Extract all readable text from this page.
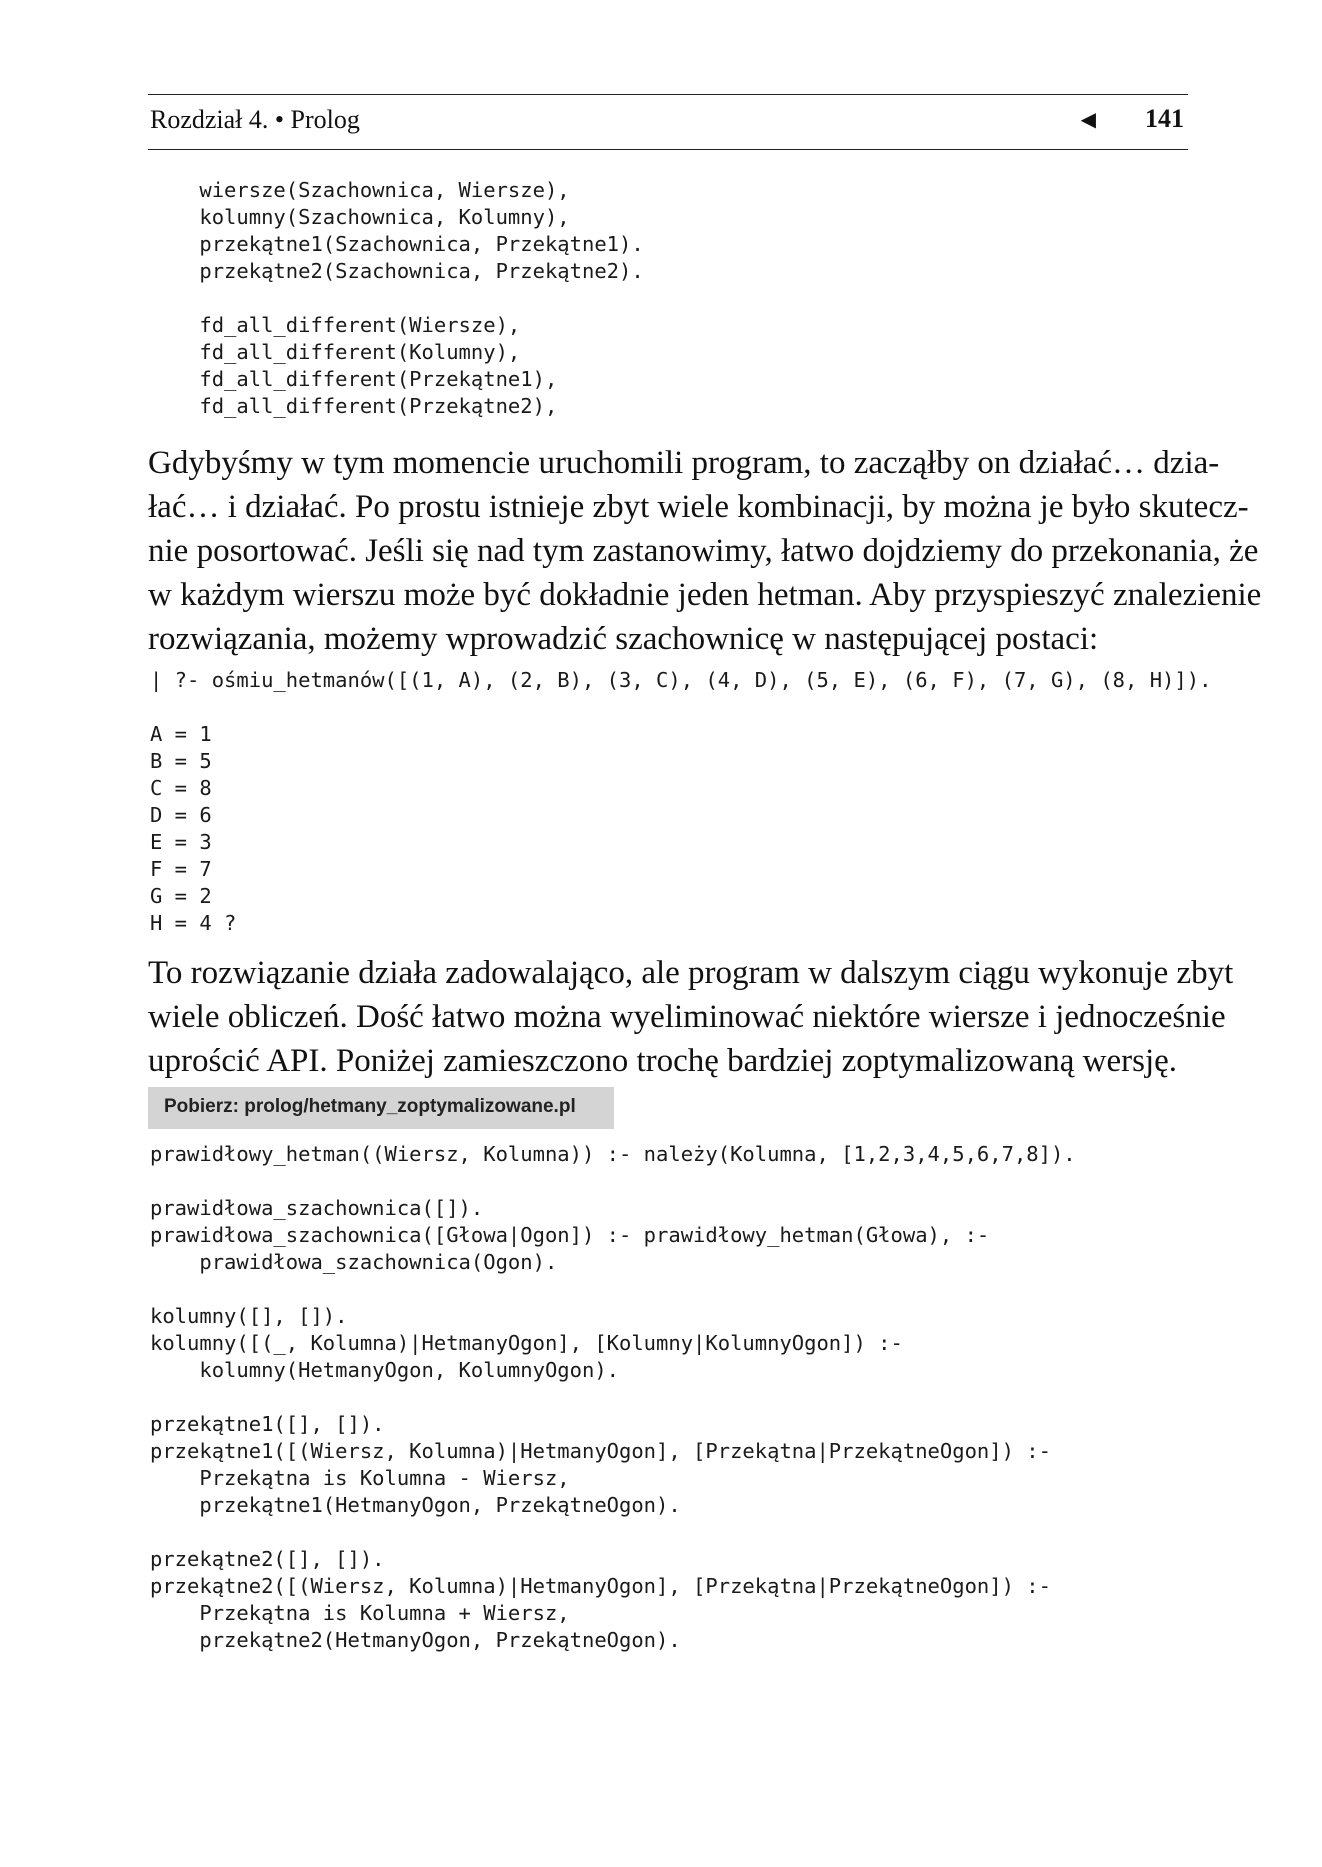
Rozdział 4. • Prolog	◀ 141
wiersze(Szachownica, Wiersze),
kolumny(Szachownica, Kolumny),
przekątne1(Szachownica, Przekątne1).
przekątne2(Szachownica, Przekątne2).

fd_all_different(Wiersze),
fd_all_different(Kolumny),
fd_all_different(Przekątne1),
fd_all_different(Przekątne2),
Gdybyśmy w tym momencie uruchomili program, to zacząłby on działać… dzia-
łać… i działać. Po prostu istnieje zbyt wiele kombinacji, by można je było skutecz-
nie posortować. Jeśli się nad tym zastanowimy, łatwo dojdziemy do przekonania, że
w każdym wierszu może być dokładnie jeden hetman. Aby przyspieszyć znalezienie
rozwiązania, możemy wprowadzić szachownicę w następującej postaci:
| ?- ośmiu_hetmanów([(1, A), (2, B), (3, C), (4, D), (5, E), (6, F), (7, G), (8, H)]).

A = 1
B = 5
C = 8
D = 6
E = 3
F = 7
G = 2
H = 4 ?
To rozwiązanie działa zadowalająco, ale program w dalszym ciągu wykonuje zbyt
wiele obliczeń. Dość łatwo można wyeliminować niektóre wiersze i jednocześnie
uprościć API. Poniżej zamieszczono trochę bardziej zoptymalizowaną wersję.
Pobierz: prolog/hetmany_zoptymalizowane.pl
prawidłowy_hetman((Wiersz, Kolumna)) :- należy(Kolumna, [1,2,3,4,5,6,7,8]).

prawidłowa_szachownica([]).
prawidłowa_szachownica([Głowa|Ogon]) :- prawidłowy_hetman(Głowa), :-
prawidłowa_szachownica(Ogon).

kolumny([], []).
kolumny([(_, Kolumna)|HetmanyOgon], [Kolumny|KolumnyOgon]) :-
kolumny(HetmanyOgon, KolumnyOgon).

przekątne1([], []).
przekątne1([(Wiersz, Kolumna)|HetmanyOgon], [Przekątna|PrzekątneOgon]) :-
Przekątna is Kolumna - Wiersz,
przekątne1(HetmanyOgon, PrzekątneOgon).

przekątne2([], []).
przekątne2([(Wiersz, Kolumna)|HetmanyOgon], [Przekątna|PrzekątneOgon]) :-
Przekątna is Kolumna + Wiersz,
przekątne2(HetmanyOgon, PrzekątneOgon).
